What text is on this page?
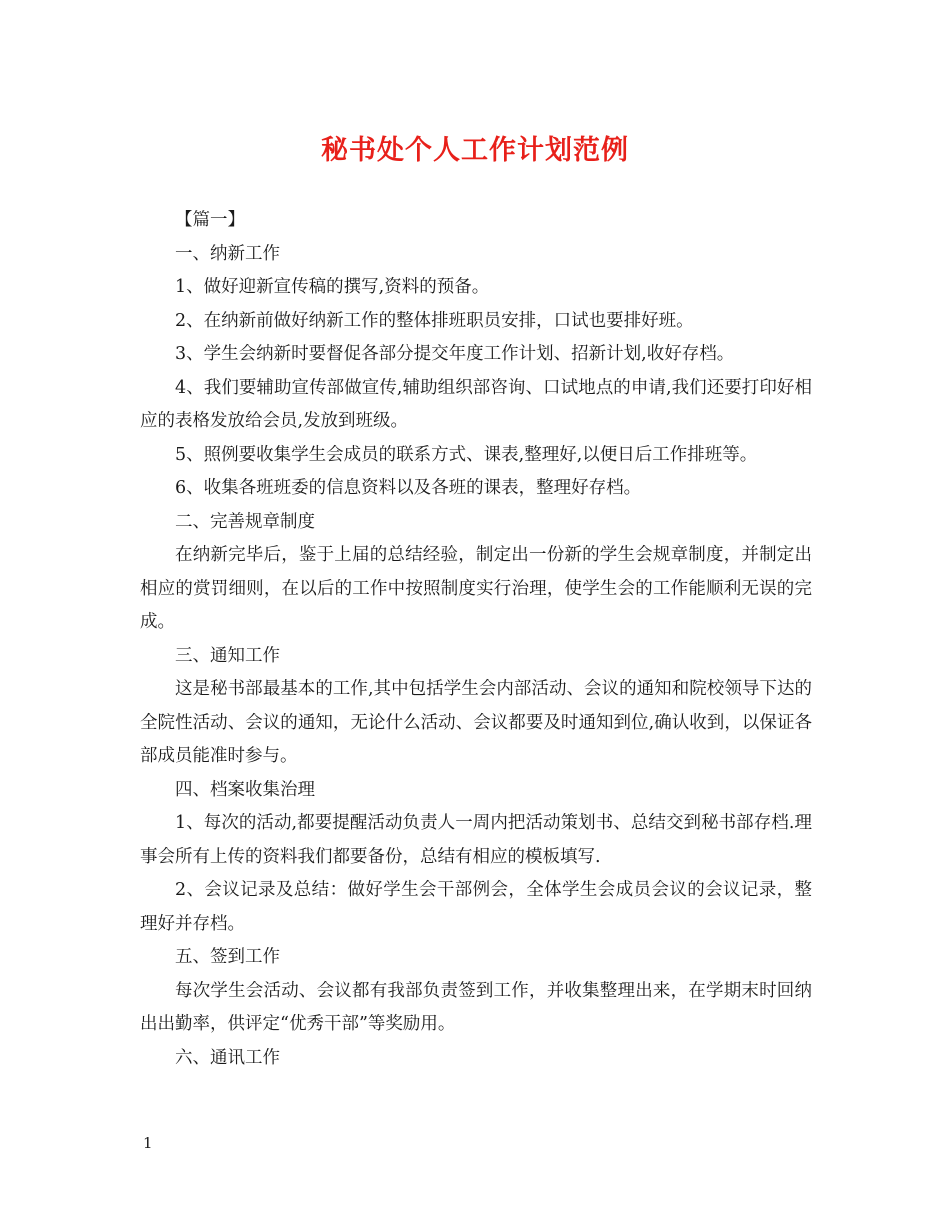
秘书处个人工作计划范例

【篇一】

一、纳新工作

1、做好迎新宣传稿的撰写,资料的预备。

2、在纳新前做好纳新工作的整体排班职员安排，口试也要排好班。

3、学生会纳新时要督促各部分提交年度工作计划、招新计划,收好存档。

4、我们要辅助宣传部做宣传,辅助组织部咨询、口试地点的申请,我们还要打印好相应的表格发放给会员,发放到班级。

5、照例要收集学生会成员的联系方式、课表,整理好,以便日后工作排班等。

6、收集各班班委的信息资料以及各班的课表，整理好存档。

二、完善规章制度

在纳新完毕后，鉴于上届的总结经验，制定出一份新的学生会规章制度，并制定出相应的赏罚细则，在以后的工作中按照制度实行治理，使学生会的工作能顺利无误的完成。

三、通知工作

这是秘书部最基本的工作,其中包括学生会内部活动、会议的通知和院校领导下达的全院性活动、会议的通知，无论什么活动、会议都要及时通知到位,确认收到，以保证各部成员能准时参与。

四、档案收集治理

1、每次的活动,都要提醒活动负责人一周内把活动策划书、总结交到秘书部存档.理事会所有上传的资料我们都要备份，总结有相应的模板填写.

2、会议记录及总结：做好学生会干部例会，全体学生会成员会议的会议记录，整理好并存档。

五、签到工作

每次学生会活动、会议都有我部负责签到工作，并收集整理出来，在学期末时回纳出出勤率，供评定“优秀干部”等奖励用。

六、通讯工作

1
